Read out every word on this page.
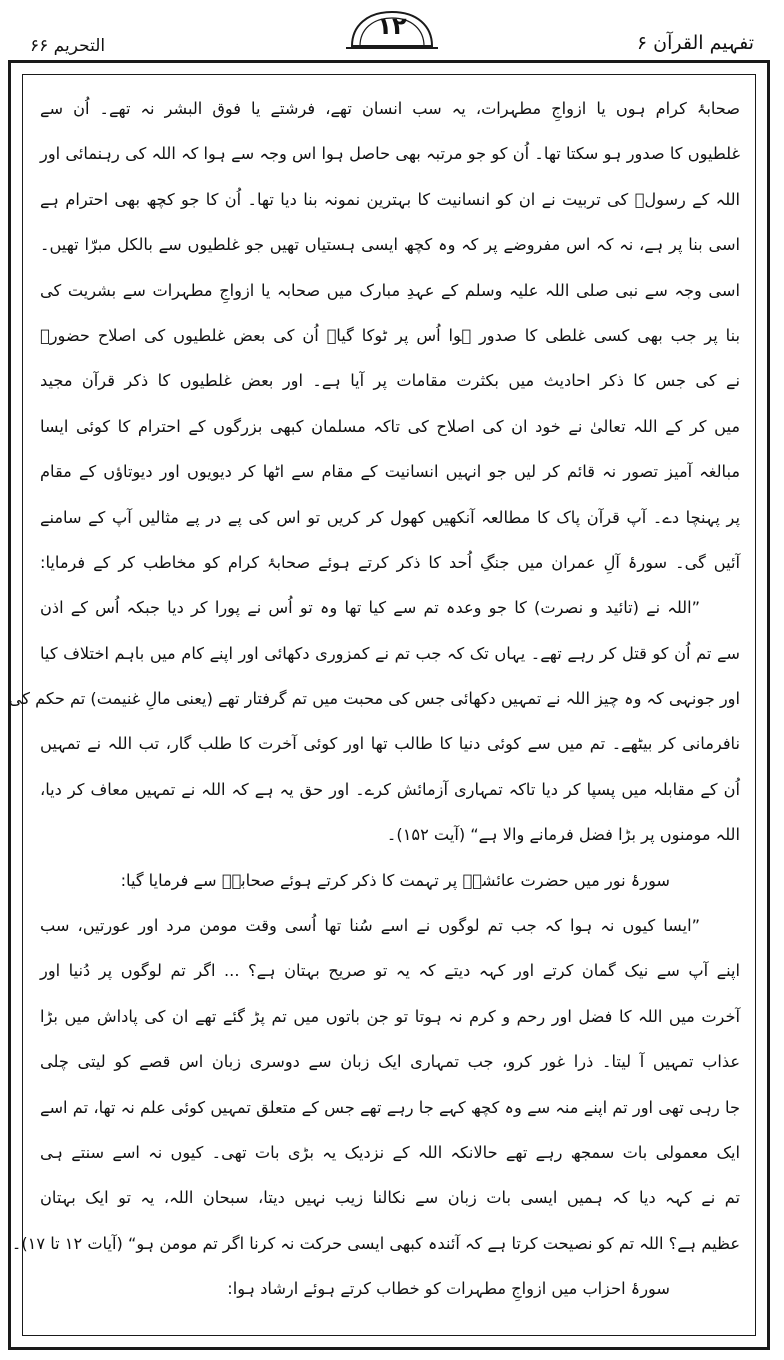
التحریم ۶۶
۱۲
تفہیم القرآن ۶
صحابۂ کرام ہوں یا ازواجِ مطہرات، یہ سب انسان تھے، فرشتے یا فوق البشر نہ تھے۔ اُن سے
غلطیوں کا صدور ہو سکتا تھا۔ اُن کو جو مرتبہ بھی حاصل ہوا اس وجہ سے ہوا کہ اللہ کی رہنمائی اور
اللہ کے رسولؐ کی تربیت نے ان کو انسانیت کا بہترین نمونہ بنا دیا تھا۔ اُن کا جو کچھ بھی احترام ہے
اسی بنا پر ہے، نہ کہ اس مفروضے پر کہ وہ کچھ ایسی ہستیاں تھیں جو غلطیوں سے بالکل مبرّا تھیں۔
اسی وجہ سے نبی صلی اللہ علیہ وسلم کے عہدِ مبارک میں صحابہ یا ازواجِ مطہرات سے بشریت کی
بنا پر جب بھی کسی غلطی کا صدور ہوا اُس پر ٹوکا گیا۔ اُن کی بعض غلطیوں کی اصلاح حضورؐ
نے کی جس کا ذکر احادیث میں بکثرت مقامات پر آیا ہے۔ اور بعض غلطیوں کا ذکر قرآن مجید
میں کر کے اللہ تعالیٰ نے خود ان کی اصلاح کی تاکہ مسلمان کبھی بزرگوں کے احترام کا کوئی ایسا
مبالغہ آمیز تصور نہ قائم کر لیں جو انہیں انسانیت کے مقام سے اٹھا کر دیویوں اور دیوتاؤں کے مقام
پر پہنچا دے۔ آپ قرآن پاک کا مطالعہ آنکھیں کھول کر کریں تو اس کی پے در پے مثالیں آپ کے سامنے
آئیں گی۔ سورۂ آلِ عمران میں جنگِ اُحد کا ذکر کرتے ہوئے صحابۂ کرام کو مخاطب کر کے فرمایا:
”اللہ نے (تائید و نصرت) کا جو وعدہ تم سے کیا تھا وہ تو اُس نے پورا کر دیا جبکہ اُس کے اذن
سے تم اُن کو قتل کر رہے تھے۔ یہاں تک کہ جب تم نے کمزوری دکھائی اور اپنے کام میں باہم اختلاف کیا
اور جونہی کہ وہ چیز اللہ نے تمہیں دکھائی جس کی محبت میں تم گرفتار تھے (یعنی مالِ غنیمت) تم حکم کی
نافرمانی کر بیٹھے۔ تم میں سے کوئی دنیا کا طالب تھا اور کوئی آخرت کا طلب گار، تب اللہ نے تمہیں
اُن کے مقابلہ میں پسپا کر دیا تاکہ تمہاری آزمائش کرے۔ اور حق یہ ہے کہ اللہ نے تمہیں معاف کر دیا،
اللہ مومنوں پر بڑا فضل فرمانے والا ہے“ (آیت ۱۵۲)۔
سورۂ نور میں حضرت عائشہؓ پر تہمت کا ذکر کرتے ہوئے صحابہؓ سے فرمایا گیا:
”ایسا کیوں نہ ہوا کہ جب تم لوگوں نے اسے سُنا تھا اُسی وقت مومن مرد اور عورتیں، سب
اپنے آپ سے نیک گمان کرتے اور کہہ دیتے کہ یہ تو صریح بہتان ہے؟ ... اگر تم لوگوں پر دُنیا اور
آخرت میں اللہ کا فضل اور رحم و کرم نہ ہوتا تو جن باتوں میں تم پڑ گئے تھے ان کی پاداش میں بڑا
عذاب تمہیں آ لیتا۔ ذرا غور کرو، جب تمہاری ایک زبان سے دوسری زبان اس قصے کو لیتی چلی
جا رہی تھی اور تم اپنے منہ سے وہ کچھ کہے جا رہے تھے جس کے متعلق تمہیں کوئی علم نہ تھا، تم اسے
ایک معمولی بات سمجھ رہے تھے حالانکہ اللہ کے نزدیک یہ بڑی بات تھی۔ کیوں نہ اسے سنتے ہی
تم نے کہہ دیا کہ ہمیں ایسی بات زبان سے نکالنا زیب نہیں دیتا، سبحان اللہ، یہ تو ایک بہتان
عظیم ہے؟ اللہ تم کو نصیحت کرتا ہے کہ آئندہ کبھی ایسی حرکت نہ کرنا اگر تم مومن ہو“ (آیات ۱۲ تا ۱۷)۔
سورۂ احزاب میں ازواجِ مطہرات کو خطاب کرتے ہوئے ارشاد ہوا:
